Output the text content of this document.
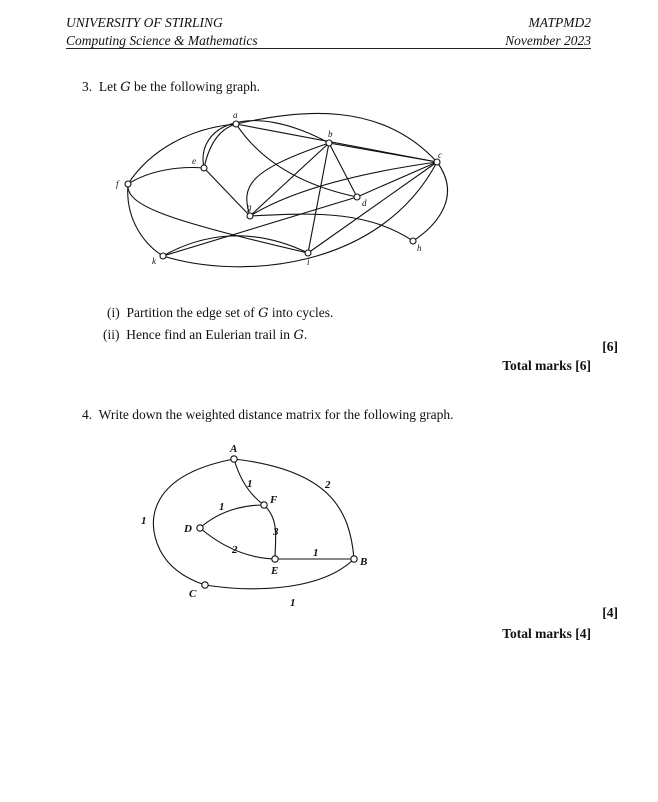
UNIVERSITY OF STIRLING
Computing Science & Mathematics
MATPMD2
November 2023
3. Let G be the following graph.
a
b
c
d
e
f
g
h
i
k
A
B
C
D
E
F
1	2
1
1
2
3
1
1
(i) Partition the edge set of G into cycles.
(ii) Hence find an Eulerian trail in G.
[6]
Total marks [6]
4. Write down the weighted distance matrix for the following graph.
[4]
Total marks [4]
